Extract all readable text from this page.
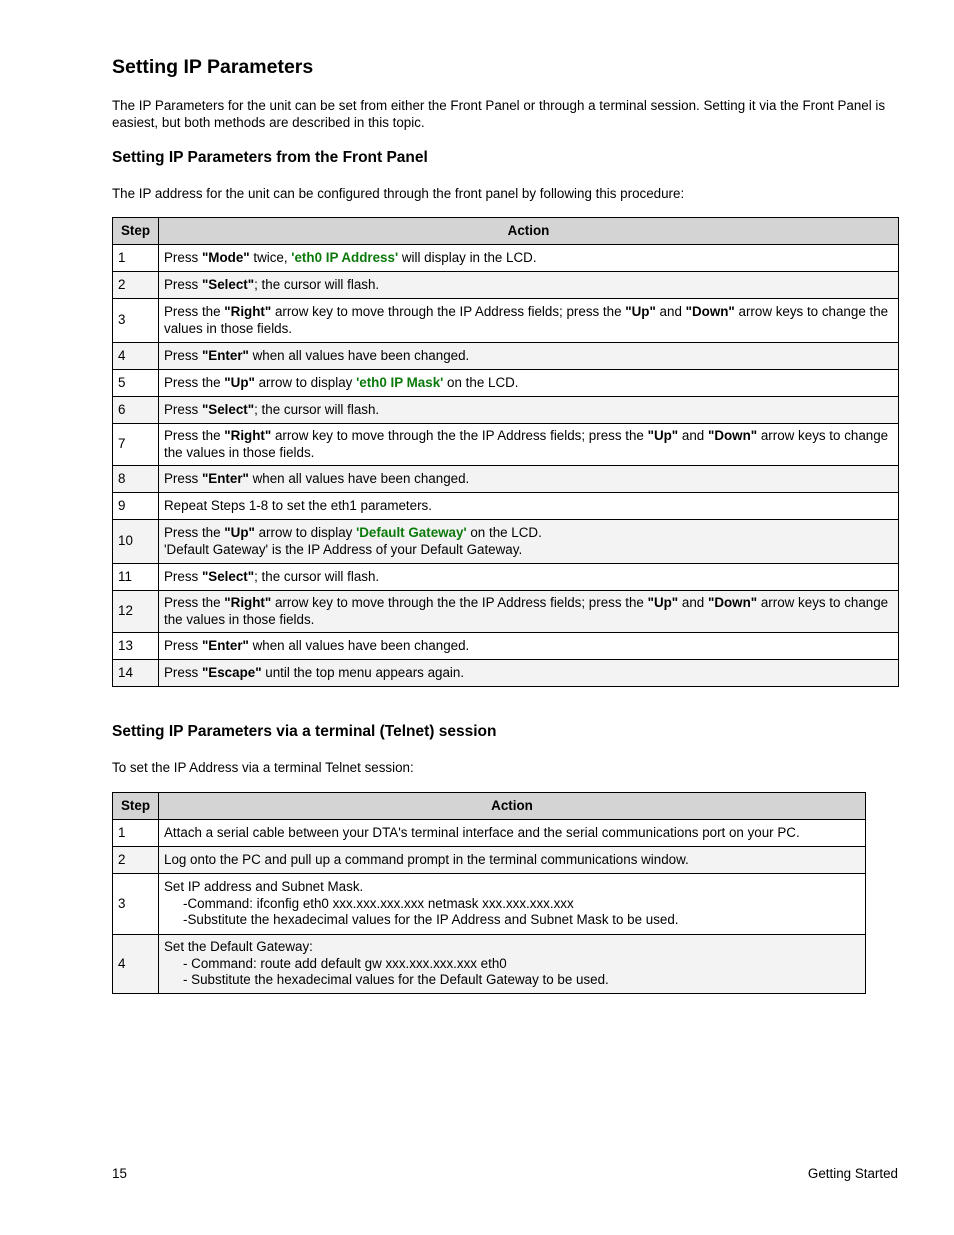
Setting IP Parameters

The IP Parameters for the unit can be set from either the Front Panel or through a terminal session. Setting it via the Front Panel is easiest, but both methods are described in this topic.

Setting IP Parameters from the Front Panel

The IP address for the unit can be configured through the front panel by following this procedure:

Step	Action
1	Press "Mode" twice, 'eth0 IP Address' will display in the LCD.
2	Press "Select"; the cursor will flash.
3	Press the "Right" arrow key to move through the IP Address fields; press the "Up" and "Down" arrow keys to change the values in those fields.
4	Press "Enter" when all values have been changed.
5	Press the "Up" arrow to display 'eth0 IP Mask' on the LCD.
6	Press "Select"; the cursor will flash.
7	Press the "Right" arrow key to move through the the IP Address fields; press the "Up" and "Down" arrow keys to change the values in those fields.
8	Press "Enter" when all values have been changed.
9	Repeat Steps 1-8 to set the eth1 parameters.
10	Press the "Up" arrow to display 'Default Gateway' on the LCD.
'Default Gateway' is the IP Address of your Default Gateway.
11	Press "Select"; the cursor will flash.
12	Press the "Right" arrow key to move through the the IP Address fields; press the "Up" and "Down" arrow keys to change the values in those fields.
13	Press "Enter" when all values have been changed.
14	Press "Escape" until the top menu appears again.
Setting IP Parameters via a terminal (Telnet) session

To set the IP Address via a terminal Telnet session:

Step	Action
1	Attach a serial cable between your DTA's terminal interface and the serial communications port on your PC.
2	Log onto the PC and pull up a command prompt in the terminal communications window.
3	Set IP address and Subnet Mask.
-Command: ifconfig eth0 xxx.xxx.xxx.xxx netmask xxx.xxx.xxx.xxx
-Substitute the hexadecimal values for the IP Address and Subnet Mask to be used.

4	Set the Default Gateway:
- Command: route add default gw xxx.xxx.xxx.xxx eth0
- Substitute the hexadecimal values for the Default Gateway to be used.

15	Getting Started
